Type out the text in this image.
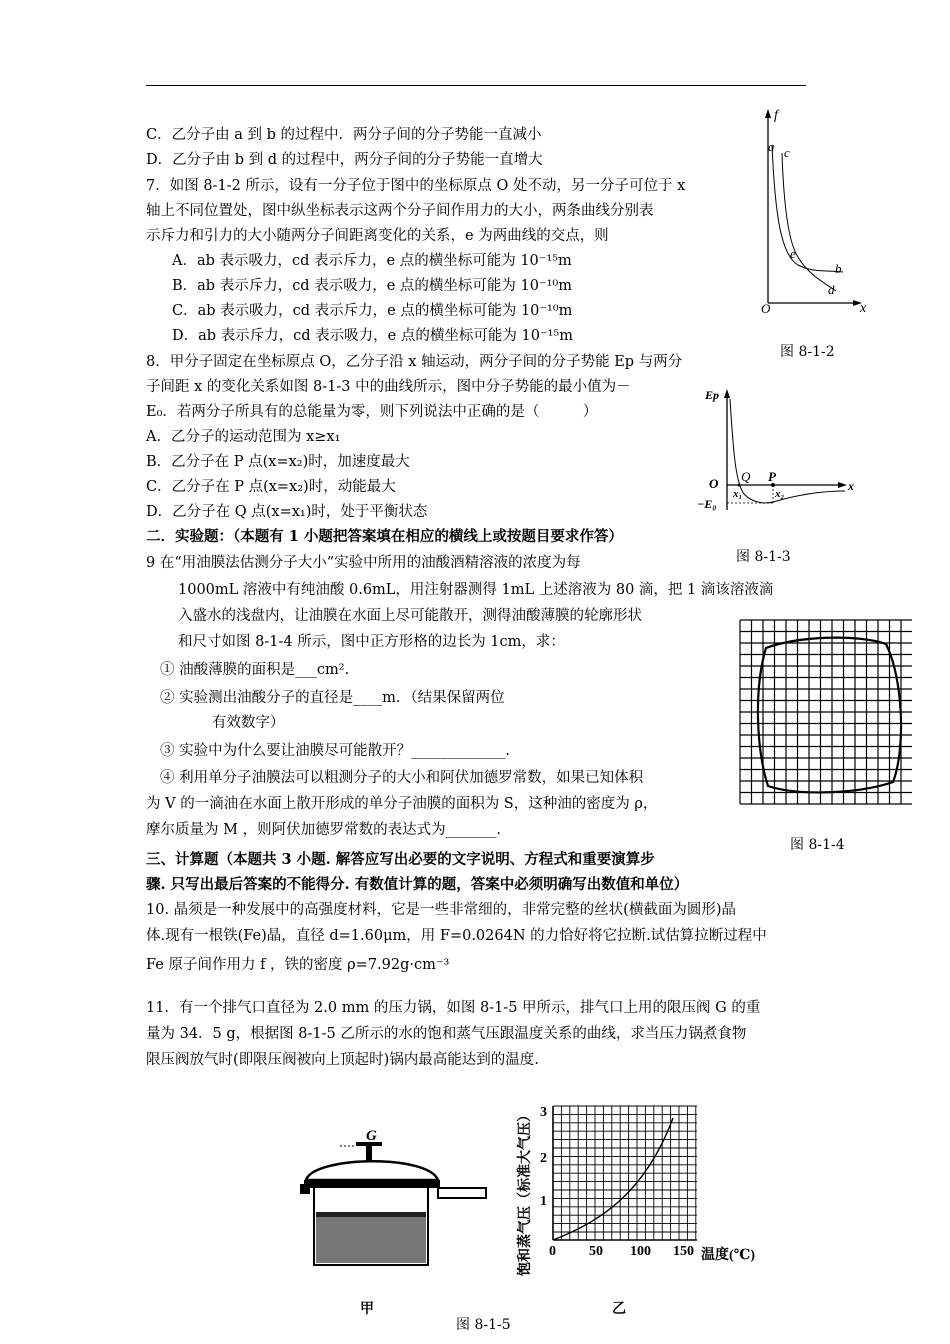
C．乙分子由 a 到 b 的过程中．两分子间的分子势能一直减小
D．乙分子由 b 到 d 的过程中，两分子间的分子势能一直增大
7．如图 8-1-2 所示，设有一分子位于图中的坐标原点 O 处不动，另一分子可位于 x
轴上不同位置处，图中纵坐标表示这两个分子间作用力的大小，两条曲线分别表
示斥力和引力的大小随两分子间距离变化的关系，e 为两曲线的交点，则
A．ab 表示吸力，cd 表示斥力，e 点的横坐标可能为 10⁻¹⁵m
B．ab 表示斥力，cd 表示吸力，e 点的横坐标可能为 10⁻¹⁰m
C．ab 表示吸力，cd 表示斥力，e 点的横坐标可能为 10⁻¹⁰m
D．ab 表示斥力，cd 表示吸力，e 点的横坐标可能为 10⁻¹⁵m
8．甲分子固定在坐标原点 O，乙分子沿 x 轴运动，两分子间的分子势能 Ep 与两分
子间距 x 的变化关系如图 8-1-3 中的曲线所示，图中分子势能的最小值为－
E₀．若两分子所具有的总能量为零，则下列说法中正确的是（　　　）
A．乙分子的运动范围为 x≥x₁
B．乙分子在 P 点(x=x₂)时，加速度最大
C．乙分子在 P 点(x=x₂)时，动能最大
D．乙分子在 Q 点(x=x₁)时，处于平衡状态
二．实验题：（本题有 1 小题把答案填在相应的横线上或按题目要求作答）
9 在“用油膜法估测分子大小”实验中所用的油酸酒精溶液的浓度为每
1000mL 溶液中有纯油酸 0.6mL，用注射器测得 1mL 上述溶液为 80 滴，把 1 滴该溶液滴
入盛水的浅盘内，让油膜在水面上尽可能散开，测得油酸薄膜的轮廓形状
和尺寸如图 8-1-4 所示，图中正方形格的边长为 1cm，求：
① 油酸薄膜的面积是___cm².
② 实验测出油酸分子的直径是____m．（结果保留两位
有效数字）
③ 实验中为什么要让油膜尽可能散开？_____________.
④ 利用单分子油膜法可以粗测分子的大小和阿伏加德罗常数，如果已知体积
为 V 的一滴油在水面上散开形成的单分子油膜的面积为 S，这种油的密度为 ρ，
摩尔质量为 M ，则阿伏加德罗常数的表达式为_______.
三、计算题（本题共 3 小题. 解答应写出必要的文字说明、方程式和重要演算步
骤. 只写出最后答案的不能得分. 有数值计算的题，答案中必须明确写出数值和单位）
10. 晶须是一种发展中的高强度材料，它是一些非常细的，非常完整的丝状(横截面为圆形)晶
体.现有一根铁(Fe)晶，直径 d=1.60μm，用 F=0.0264N 的力恰好将它拉断.试估算拉断过程中
Fe 原子间作用力 f ，铁的密度 ρ=7.92g·cm⁻³
11．有一个排气口直径为 2.0 mm 的压力锅，如图 8-1-5 甲所示，排气口上用的限压阀 G 的重
量为 34．5 g，根据图 8-1-5 乙所示的水的饱和蒸气压跟温度关系的曲线，求当压力锅煮食物
限压阀放气时(即限压阀被向上顶起时)锅内最高能达到的温度.
f
x
O
a c
e
b
d
图 8-1-2
Ep
x
O Q P
x₁	x₂
−E₀
图 8-1-3
图 8-1-4
G
0 50 100 150
1
2
3
温度(℃)
饱和蒸气压（标准大气压）
甲	乙
图 8-1-5
